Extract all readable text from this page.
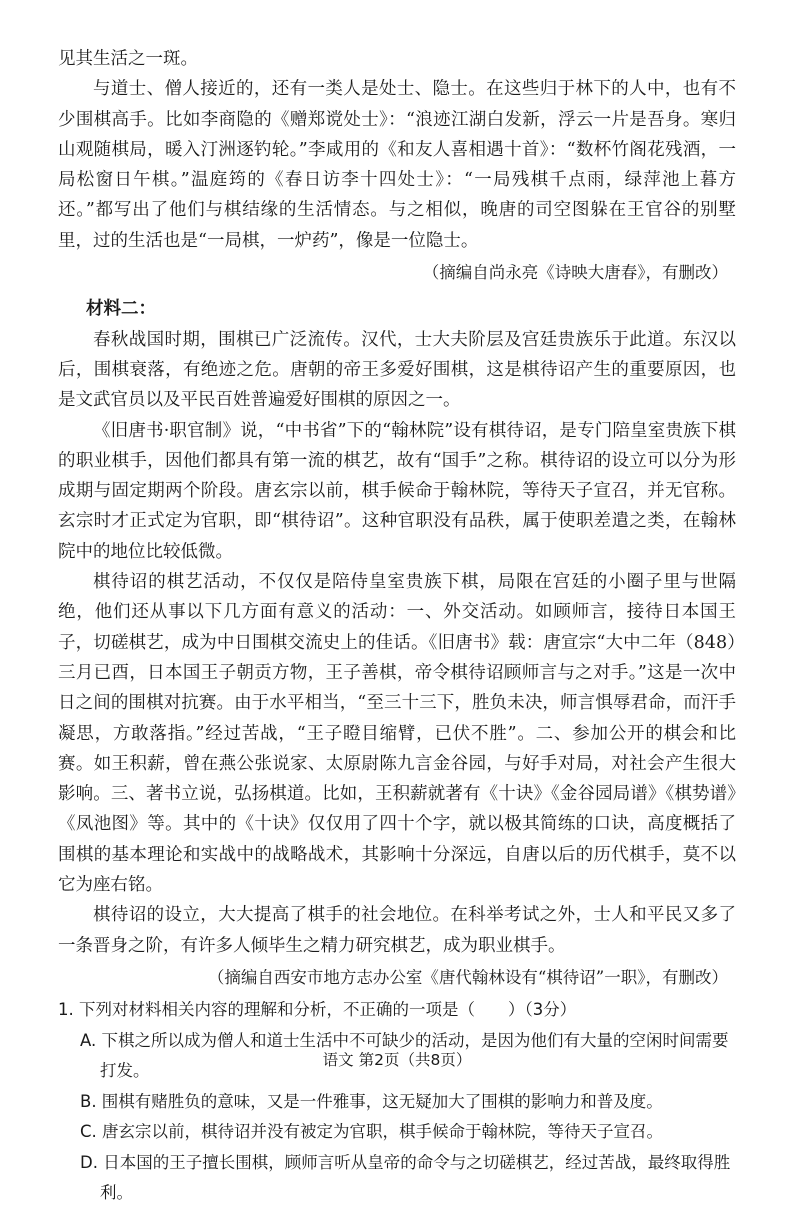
见其生活之一斑。

与道士、僧人接近的，还有一类人是处士、隐士。在这些归于林下的人中，也有不少围棋高手。比如李商隐的《赠郑谠处士》：“浪迹江湖白发新，浮云一片是吾身。寒归山观随棋局，暖入汀洲逐钓轮。”李咸用的《和友人喜相遇十首》：“数杯竹阁花残酒，一局松窗日午棋。”温庭筠的《春日访李十四处士》：“一局残棋千点雨，绿萍池上暮方还。”都写出了他们与棋结缘的生活情态。与之相似，晚唐的司空图躲在王官谷的别墅里，过的生活也是“一局棋，一炉药”，像是一位隐士。

（摘编自尚永亮《诗映大唐春》，有删改）

材料二：

春秋战国时期，围棋已广泛流传。汉代，士大夫阶层及宫廷贵族乐于此道。东汉以后，围棋衰落，有绝迹之危。唐朝的帝王多爱好围棋，这是棋待诏产生的重要原因，也是文武官员以及平民百姓普遍爱好围棋的原因之一。

《旧唐书·职官制》说，“中书省”下的“翰林院”设有棋待诏，是专门陪皇室贵族下棋的职业棋手，因他们都具有第一流的棋艺，故有“国手”之称。棋待诏的设立可以分为形成期与固定期两个阶段。唐玄宗以前，棋手候命于翰林院，等待天子宣召，并无官称。玄宗时才正式定为官职，即“棋待诏”。这种官职没有品秩，属于使职差遣之类，在翰林院中的地位比较低微。

棋待诏的棋艺活动，不仅仅是陪侍皇室贵族下棋，局限在宫廷的小圈子里与世隔绝，他们还从事以下几方面有意义的活动：一、外交活动。如顾师言，接待日本国王子，切磋棋艺，成为中日围棋交流史上的佳话。《旧唐书》载：唐宣宗“大中二年（848）三月已酉，日本国王子朝贡方物，王子善棋，帝令棋待诏顾师言与之对手。”这是一次中日之间的围棋对抗赛。由于水平相当，“至三十三下，胜负未决，师言惧辱君命，而汗手凝思，方敢落指。”经过苦战，“王子瞪目缩臂，已伏不胜”。二、参加公开的棋会和比赛。如王积薪，曾在燕公张说家、太原尉陈九言金谷园，与好手对局，对社会产生很大影响。三、著书立说，弘扬棋道。比如，王积薪就著有《十诀》《金谷园局谱》《棋势谱》《凤池图》等。其中的《十诀》仅仅用了四十个字，就以极其简练的口诀，高度概括了围棋的基本理论和实战中的战略战术，其影响十分深远，自唐以后的历代棋手，莫不以它为座右铭。

棋待诏的设立，大大提高了棋手的社会地位。在科举考试之外，士人和平民又多了一条晋身之阶，有许多人倾毕生之精力研究棋艺，成为职业棋手。

（摘编自西安市地方志办公室《唐代翰林设有“棋待诏”一职》，有删改）

1. 下列对材料相关内容的理解和分析，不正确的一项是（　　）（3分）

A. 下棋之所以成为僧人和道士生活中不可缺少的活动，是因为他们有大量的空闲时间需要打发。

B. 围棋有赌胜负的意味，又是一件雅事，这无疑加大了围棋的影响力和普及度。

C. 唐玄宗以前，棋待诏并没有被定为官职，棋手候命于翰林院，等待天子宣召。

D. 日本国的王子擅长围棋，顾师言听从皇帝的命令与之切磋棋艺，经过苦战，最终取得胜利。

语文 第2页（共8页）
